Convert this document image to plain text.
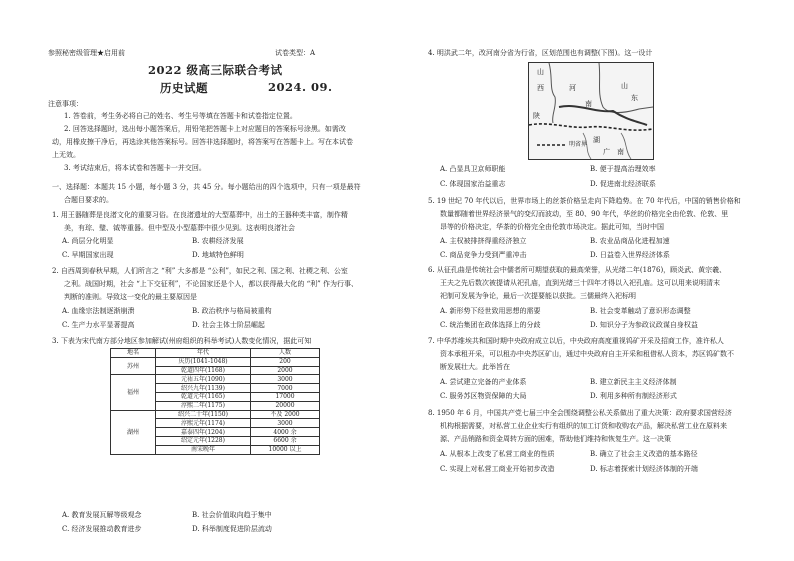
参照秘密级管理★启用前	试卷类型：A
2022 级高三际联合考试
历史试题	2024. 09.
注意事项：
1. 答卷前，考生务必将自己的姓名、考生号等填在答题卡和试卷指定位置。
2. 回答选择题时，选出每小题答案后，用铅笔把答题卡上对应题目的答案标号涂黑。如需改
动，用橡皮擦干净后，再选涂其他答案标号。回答非选择题时，将答案写在答题卡上。写在本试卷
上无效。
3. 考试结束后，将本试卷和答题卡一并交回。
一、选择题：本题共 15 小题，每小题 3 分，共 45 分。每小题给出的四个选项中，只有一项是最符
合题目要求的。
1. 用王器随葬是良渚文化的重要习俗。在良渚遗址的大型墓葬中，出土的王器种类丰富，制作精
美，有琮、璧、钺等重器。但中型及小型墓葬中很少见到。这表明良渚社会
A. 尚层分化明显	B. 农耕经济发展
C. 早期国家出现	D. 地域特色鲜明
2. 自西周到春秋早期，人们所言之 “利” 大多都是 “公利”，如民之利、国之利、社稷之利、公室
之利。战国时期，社会 “上下交征利”，不论国家还是个人，都以获得最大化的 “利” 作为行事、
判断的准则。导致这一变化的最主要原因是
A. 血缘宗法制逐渐崩溃	B. 政治秩序与格局被重构
C. 生产力水平显著提高	D. 社会主体士阶层崛起
3. 下表为宋代南方部分地区参加解试(州府组织的科举考试)人数变化情况，据此可知
地名	年代	人数
苏州	庆历(1041-1048)	200
	乾道四年(1168)	2000
福州	元祐五年(1090)	3000
	绍兴九年(1139)	7000
	乾道元年(1165)	17000
	淳熙二年(1175)	20000
湖州	绍兴二十年(1150)	不及 2000
	淳熙元年(1174)	3000
	嘉泰四年(1204)	4000 余
	绍定元年(1228)	6600 余
	南宋晚年	10000 以上
A. 教育发展瓦解等级观念	B. 社会价值取向趋于集中
C. 经济发展推动教育进步	D. 科举制度促进阶层流动
4. 明洪武二年，改河南分省为行省，区划范围也有调整(下图)。这一设计
山
西	山
东
河
南
陕
湖
广 南
明省界
A. 凸显具卫京师职能	B. 便于提高治理效率
C. 体现国家治益重志	D. 促进南北经济联系
5. 19 世纪 70 年代以后，世界市场上的丝茶价格呈走向下降趋势。在 70 年代后，中国的销售价格和
数量都随着世界经济景气的变幻而波动，至 80、90 年代，华丝的价格完全由伦敦、伦敦、里
昂等的价格决定，华茶的价格完全由伦敦市场决定。据此可知，当时中国
A. 主权被排挤得重经济独立	B. 农业品商品化进程加速
C. 商品竞争力受到严重冲击	D. 日益卷入世界经济体系
6. 从征孔曲是传统社会中儒者所可期望获取的最高荣誉，从光绪二年(1876)，顾炎武、黄宗羲、
王夫之先后数次被提请从祀孔庙，直到光绪三十四年才得以入祀孔庙。这可以用来说明清末
祀制可发展为争论，最后一次提要能以获批。三儒最终入祀标明
A. 新形势下经世致用思想的需要	B. 社会变革触动了意识形态调整
C. 统治集团在政体选择上的分歧	D. 知识分子为参政议政谋自身权益
7. 中华苏维埃共和国时期中央政府成立以后，中央政府高度重视钨矿开采及招商工作，准许私人
资本承租开采，可以租办中央苏区矿山，通过中央政府自主开采和租借私人资本，苏区钨矿数不
断发展壮大。此举旨在
A. 尝试建立完备的产业体系	B. 建立新民主主义经济体制
C. 服务苏区物资保障的大局	D. 利用多种所有制经济形式
8. 1950 年 6 月，中国共产党七届三中全会围绕调整公私关系做出了重大决策：政府要求国营经济
机构根据需要，对私营工业企业实行有组织的加工订货和收购农产品，解决私营工业在原料来
源、产品销路和资金周转方面的困难，帮助他们维持和恢复生产。这一决策
A. 从根本上改变了私营工商业的性质	B. 确立了社会主义改造的基本路径
C. 实现上对私营工商业开始初步改造	D. 标志着探索计划经济体制的开端
